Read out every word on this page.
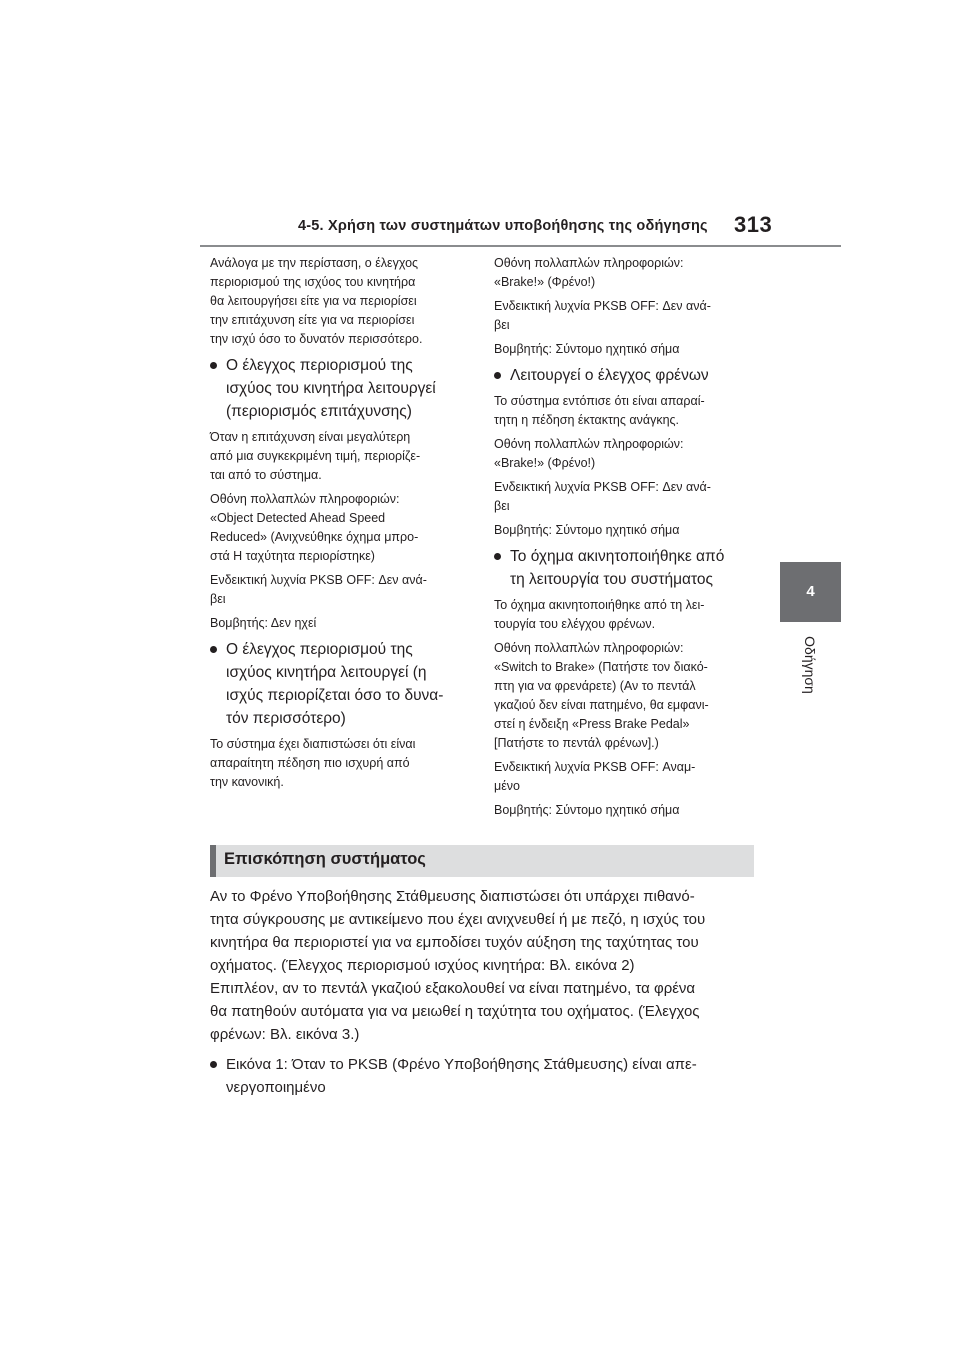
4-5. Χρήση των συστημάτων υποβοήθησης της οδήγησης 313
4
Οδήγηση

Ανάλογα με την περίσταση, ο έλεγχος
περιορισμού της ισχύος του κινητήρα
θα λειτουργήσει είτε για να περιορίσει
την επιτάχυνση είτε για να περιορίσει
την ισχύ όσο το δυνατόν περισσότερο.

Ο έλεγχος περιορισμού της
ισχύος του κινητήρα λειτουργεί
(περιορισμός επιτάχυνσης)

Όταν η επιτάχυνση είναι μεγαλύτερη
από μια συγκεκριμένη τιμή, περιορίζε-
ται από το σύστημα.

Οθόνη πολλαπλών πληροφοριών:
«Object Detected Ahead Speed
Reduced» (Ανιχνεύθηκε όχημα μπρο-
στά Η ταχύτητα περιορίστηκε)

Ενδεικτική λυχνία PKSB OFF: Δεν ανά-
βει

Βομβητής: Δεν ηχεί

Ο έλεγχος περιορισμού της
ισχύος κινητήρα λειτουργεί (η
ισχύς περιορίζεται όσο το δυνα-
τόν περισσότερο)

Το σύστημα έχει διαπιστώσει ότι είναι
απαραίτητη πέδηση πιο ισχυρή από
την κανονική.

Οθόνη πολλαπλών πληροφοριών:
«Brake!» (Φρένο!)

Ενδεικτική λυχνία PKSB OFF: Δεν ανά-
βει

Βομβητής: Σύντομο ηχητικό σήμα

Λειτουργεί ο έλεγχος φρένων

Το σύστημα εντόπισε ότι είναι απαραί-
τητη η πέδηση έκτακτης ανάγκης.

Οθόνη πολλαπλών πληροφοριών:
«Brake!» (Φρένο!)

Ενδεικτική λυχνία PKSB OFF: Δεν ανά-
βει

Βομβητής: Σύντομο ηχητικό σήμα

Το όχημα ακινητοποιήθηκε από
τη λειτουργία του συστήματος

Το όχημα ακινητοποιήθηκε από τη λει-
τουργία του ελέγχου φρένων.

Οθόνη πολλαπλών πληροφοριών:
«Switch to Brake» (Πατήστε τον διακό-
πτη για να φρενάρετε) (Αν το πεντάλ
γκαζιού δεν είναι πατημένο, θα εμφανι-
στεί η ένδειξη «Press Brake Pedal»
[Πατήστε το πεντάλ φρένων].)

Ενδεικτική λυχνία PKSB OFF: Αναμ-
μένο

Βομβητής: Σύντομο ηχητικό σήμα

Επισκόπηση συστήματος

Αν το Φρένο Υποβοήθησης Στάθμευσης διαπιστώσει ότι υπάρχει πιθανό-
τητα σύγκρουσης με αντικείμενο που έχει ανιχνευθεί ή με πεζό, η ισχύς του
κινητήρα θα περιοριστεί για να εμποδίσει τυχόν αύξηση της ταχύτητας του
οχήματος. (Έλεγχος περιορισμού ισχύος κινητήρα: Βλ. εικόνα 2)
Επιπλέον, αν το πεντάλ γκαζιού εξακολουθεί να είναι πατημένο, τα φρένα
θα πατηθούν αυτόματα για να μειωθεί η ταχύτητα του οχήματος. (Έλεγχος
φρένων: Βλ. εικόνα 3.)

Εικόνα 1: Όταν το PKSB (Φρένο Υποβοήθησης Στάθμευσης) είναι απε-
νεργοποιημένο
